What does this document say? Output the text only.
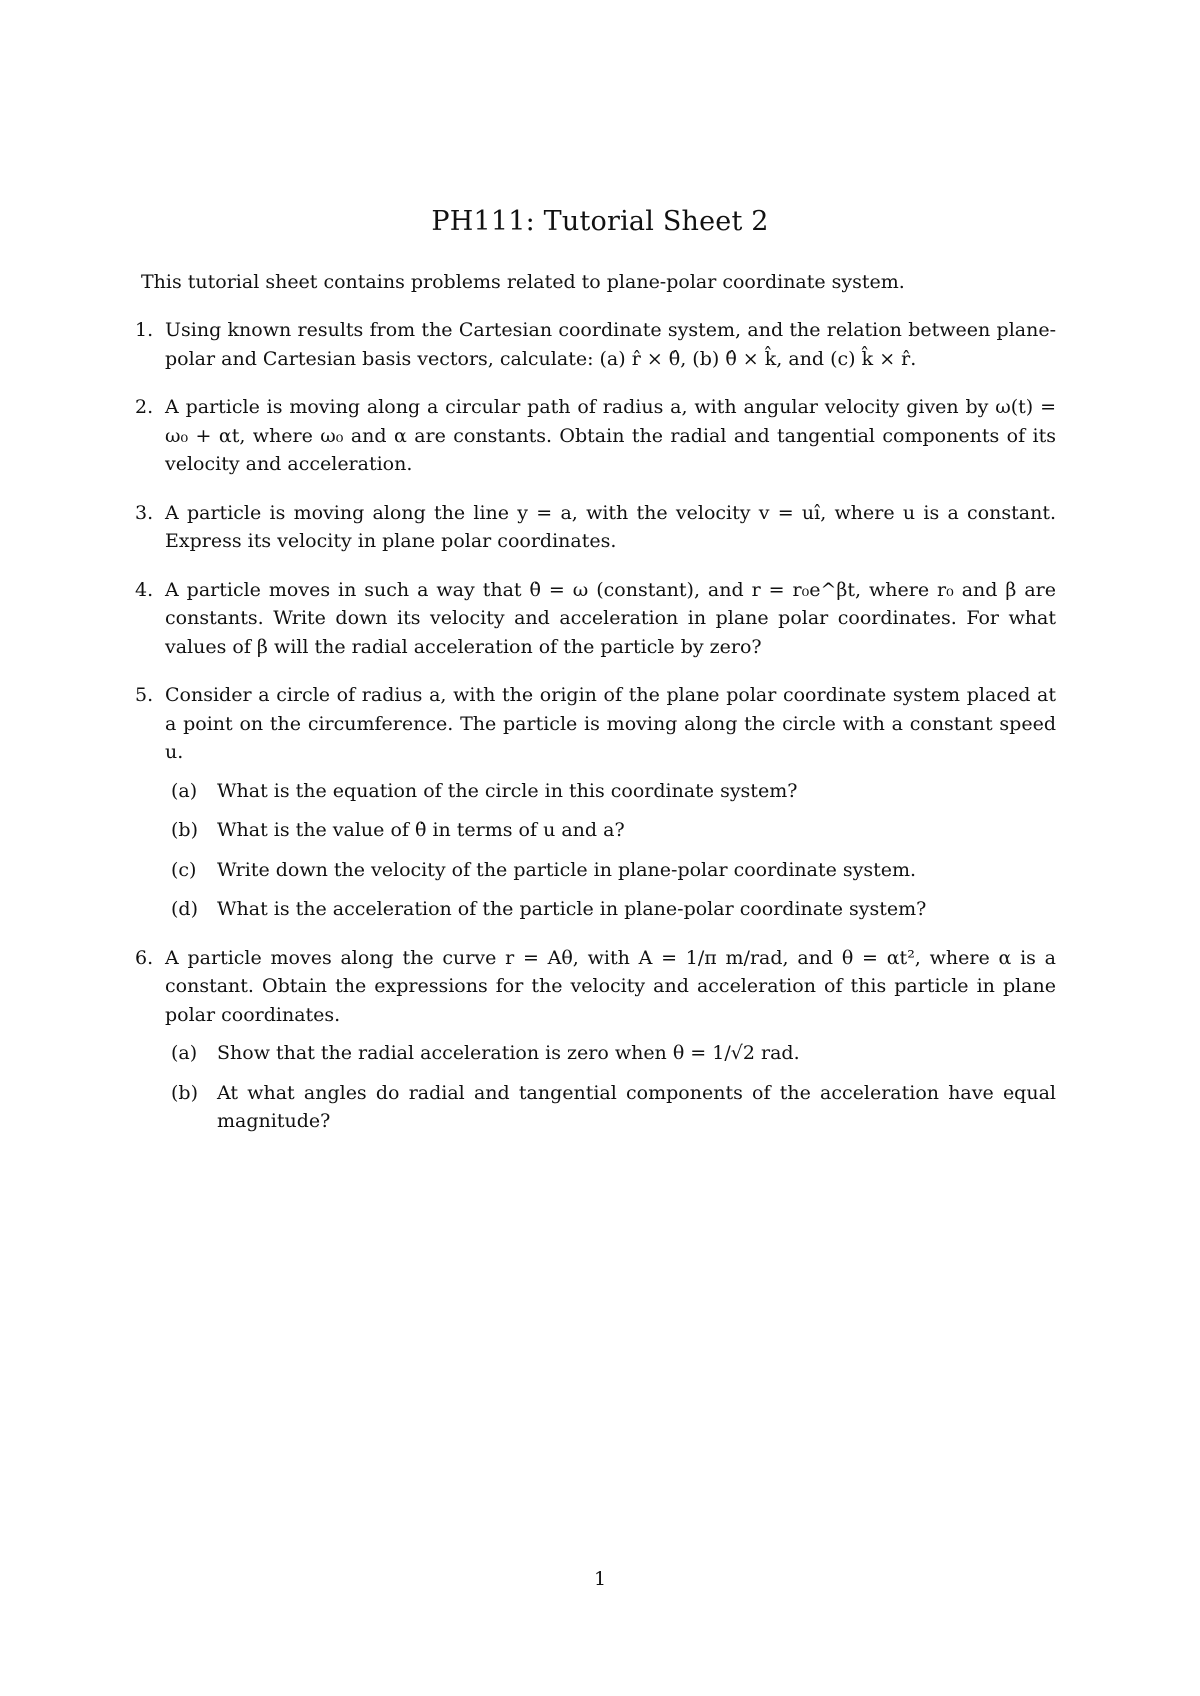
PH111: Tutorial Sheet 2
This tutorial sheet contains problems related to plane-polar coordinate system.
1. Using known results from the Cartesian coordinate system, and the relation between plane-polar and Cartesian basis vectors, calculate: (a) r̂ × θ̂, (b) θ̂ × k̂, and (c) k̂ × r̂.
2. A particle is moving along a circular path of radius a, with angular velocity given by ω(t) = ω₀ + αt, where ω₀ and α are constants. Obtain the radial and tangential components of its velocity and acceleration.
3. A particle is moving along the line y = a, with the velocity v = uî, where u is a constant. Express its velocity in plane polar coordinates.
4. A particle moves in such a way that θ̇ = ω (constant), and r = r₀e^βt, where r₀ and β are constants. Write down its velocity and acceleration in plane polar coordinates. For what values of β will the radial acceleration of the particle by zero?
5. Consider a circle of radius a, with the origin of the plane polar coordinate system placed at a point on the circumference. The particle is moving along the circle with a constant speed u.
(a) What is the equation of the circle in this coordinate system?
(b) What is the value of θ̇ in terms of u and a?
(c) Write down the velocity of the particle in plane-polar coordinate system.
(d) What is the acceleration of the particle in plane-polar coordinate system?
6. A particle moves along the curve r = Aθ, with A = 1/π m/rad, and θ = αt², where α is a constant. Obtain the expressions for the velocity and acceleration of this particle in plane polar coordinates.
(a) Show that the radial acceleration is zero when θ = 1/√2 rad.
(b) At what angles do radial and tangential components of the acceleration have equal magnitude?
1
